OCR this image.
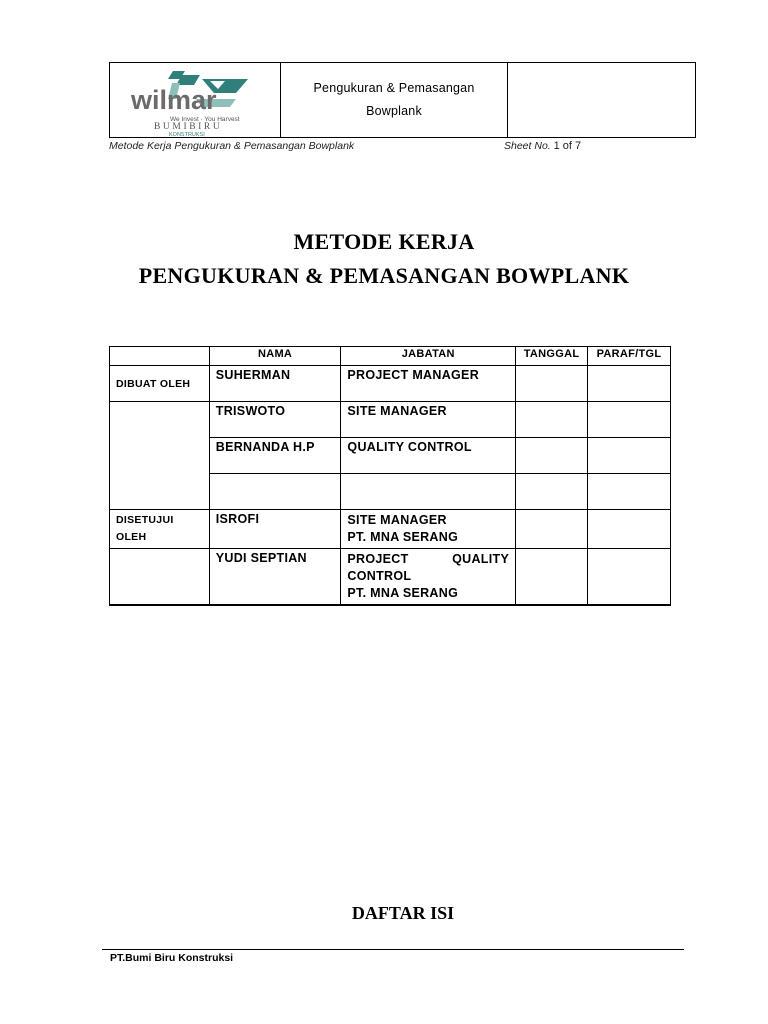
wilmar
We Invest · You Harvest
BUMIBIRU
KONSTRUKSI
Pengukuran & Pemasangan
Bowplank
Metode Kerja Pengukuran & Pemasangan Bowplank	Sheet No. 1 of 7
METODE KERJA
PENGUKURAN & PEMASANGAN BOWPLANK
	NAMA	JABATAN	TANGGAL	PARAF/TGL
DIBUAT OLEH	SUHERMAN	PROJECT MANAGER		
	TRISWOTO	SITE MANAGER		
	BERNANDA H.P	QUALITY CONTROL		

DISETUJUI OLEH	ISROFI	SITE MANAGER
PT. MNA SERANG		

	YUDI SEPTIAN	PROJECT QUALITY
CONTROL
PT. MNA SERANG		

DAFTAR ISI
PT.Bumi Biru Konstruksi
